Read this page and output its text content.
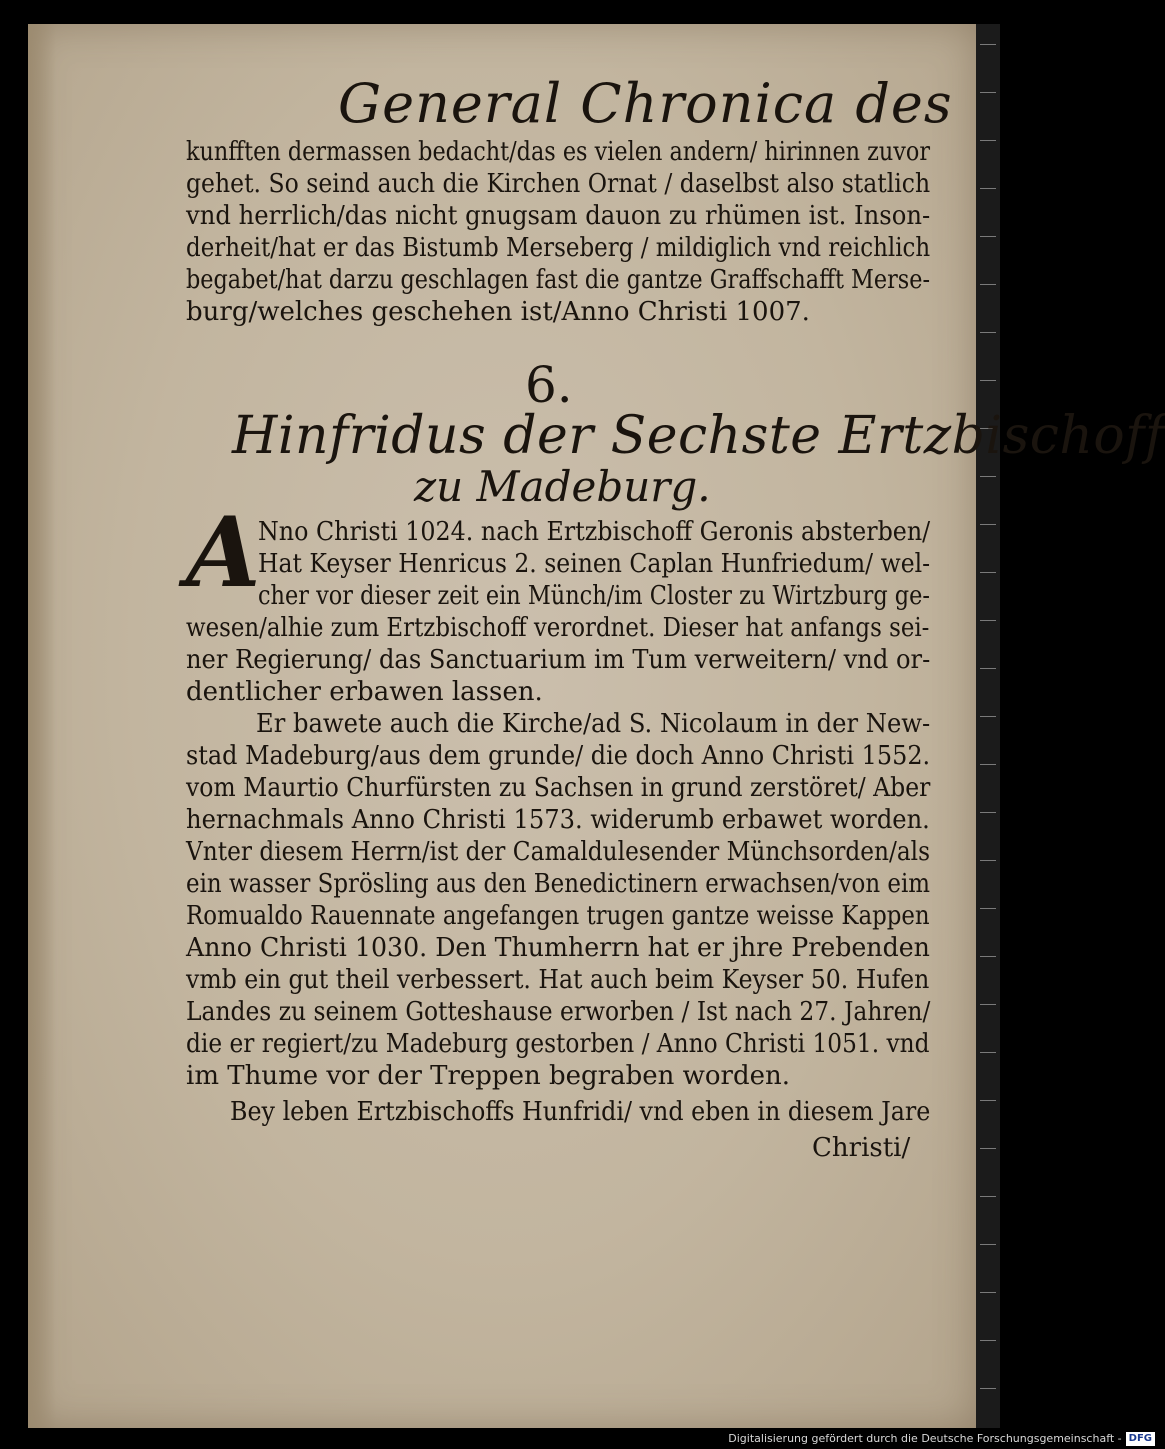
General Chronica des
kunfften dermassen bedacht/das es vielen andern/ hirinnen zuvor
gehet. So seind auch die Kirchen Ornat / daselbst also statlich
vnd herrlich/das nicht gnugsam dauon zu rhümen ist. Inson-
derheit/hat er das Bistumb Merseberg / mildiglich vnd reichlich
begabet/hat darzu geschlagen fast die gantze Graffschafft Merse-
burg/welches geschehen ist/Anno Christi 1007.
6.
Hinfridus der Sechste Ertzbischoff
zu Madeburg.
A
Nno Christi 1024. nach Ertzbischoff Geronis absterben/
Hat Keyser Henricus 2. seinen Caplan Hunfriedum/ wel-
cher vor dieser zeit ein Münch/im Closter zu Wirtzburg ge-
wesen/alhie zum Ertzbischoff verordnet. Dieser hat anfangs sei-
ner Regierung/ das Sanctuarium im Tum verweitern/ vnd or-
dentlicher erbawen lassen.
Er bawete auch die Kirche/ad S. Nicolaum in der New-
stad Madeburg/aus dem grunde/ die doch Anno Christi 1552.
vom Maurtio Churfürsten zu Sachsen in grund zerstöret/ Aber
hernachmals Anno Christi 1573. widerumb erbawet worden.
Vnter diesem Herrn/ist der Camaldulesender Münchsorden/als
ein wasser Sprösling aus den Benedictinern erwachsen/von eim
Romualdo Rauennate angefangen trugen gantze weisse Kappen
Anno Christi 1030. Den Thumherrn hat er jhre Prebenden
vmb ein gut theil verbessert. Hat auch beim Keyser 50. Hufen
Landes zu seinem Gotteshause erworben / Ist nach 27. Jahren/
die er regiert/zu Madeburg gestorben / Anno Christi 1051. vnd
im Thume vor der Treppen begraben worden.
Bey leben Ertzbischoffs Hunfridi/ vnd eben in diesem Jare
Christi/
Digitalisierung gefördert durch die Deutsche Forschungsgemeinschaft - DFG
